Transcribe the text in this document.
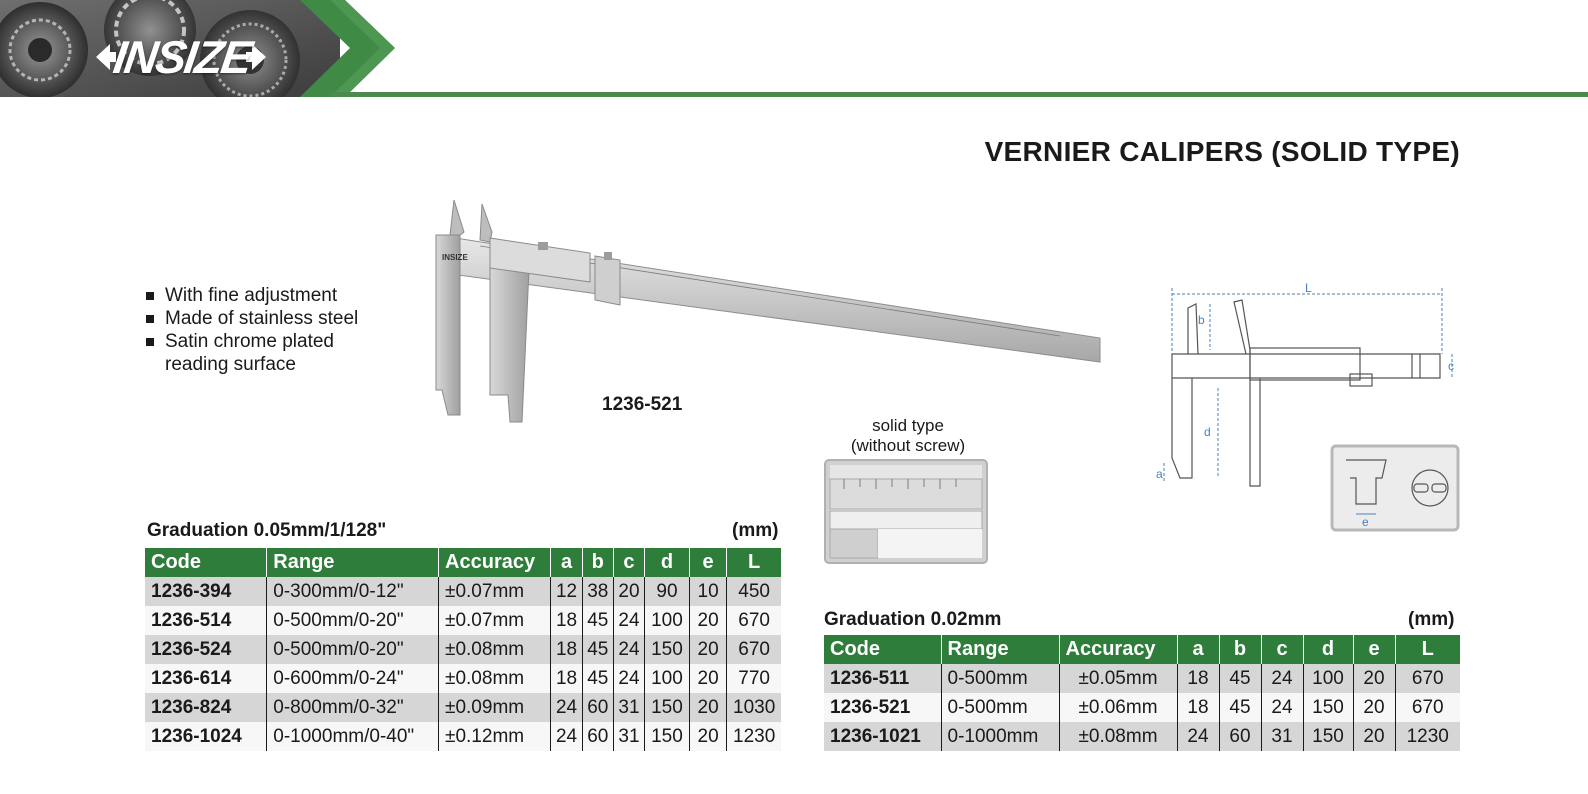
INSIZE
VERNIER CALIPERS (SOLID TYPE)
With fine adjustment
Made of stainless steel
Satin chrome plated
reading surface
INSIZE
1236-521
solid type
(without screw)
L
c
b
d
a
e
Graduation 0.05mm/1/128"	(mm)
Code	Range	Accuracy	a	b	c	d	e	L
1236-394	0-300mm/0-12"	±0.07mm	12	38	20	90	10	450
1236-514	0-500mm/0-20"	±0.07mm	18	45	24	100	20	670
1236-524	0-500mm/0-20"	±0.08mm	18	45	24	150	20	670
1236-614	0-600mm/0-24"	±0.08mm	18	45	24	100	20	770
1236-824	0-800mm/0-32"	±0.09mm	24	60	31	150	20	1030
1236-1024	0-1000mm/0-40"	±0.12mm	24	60	31	150	20	1230
Graduation 0.02mm	(mm)
Code	Range	Accuracy	a	b	c	d	e	L
1236-511	0-500mm	±0.05mm	18	45	24	100	20	670
1236-521	0-500mm	±0.06mm	18	45	24	150	20	670
1236-1021	0-1000mm	±0.08mm	24	60	31	150	20	1230
